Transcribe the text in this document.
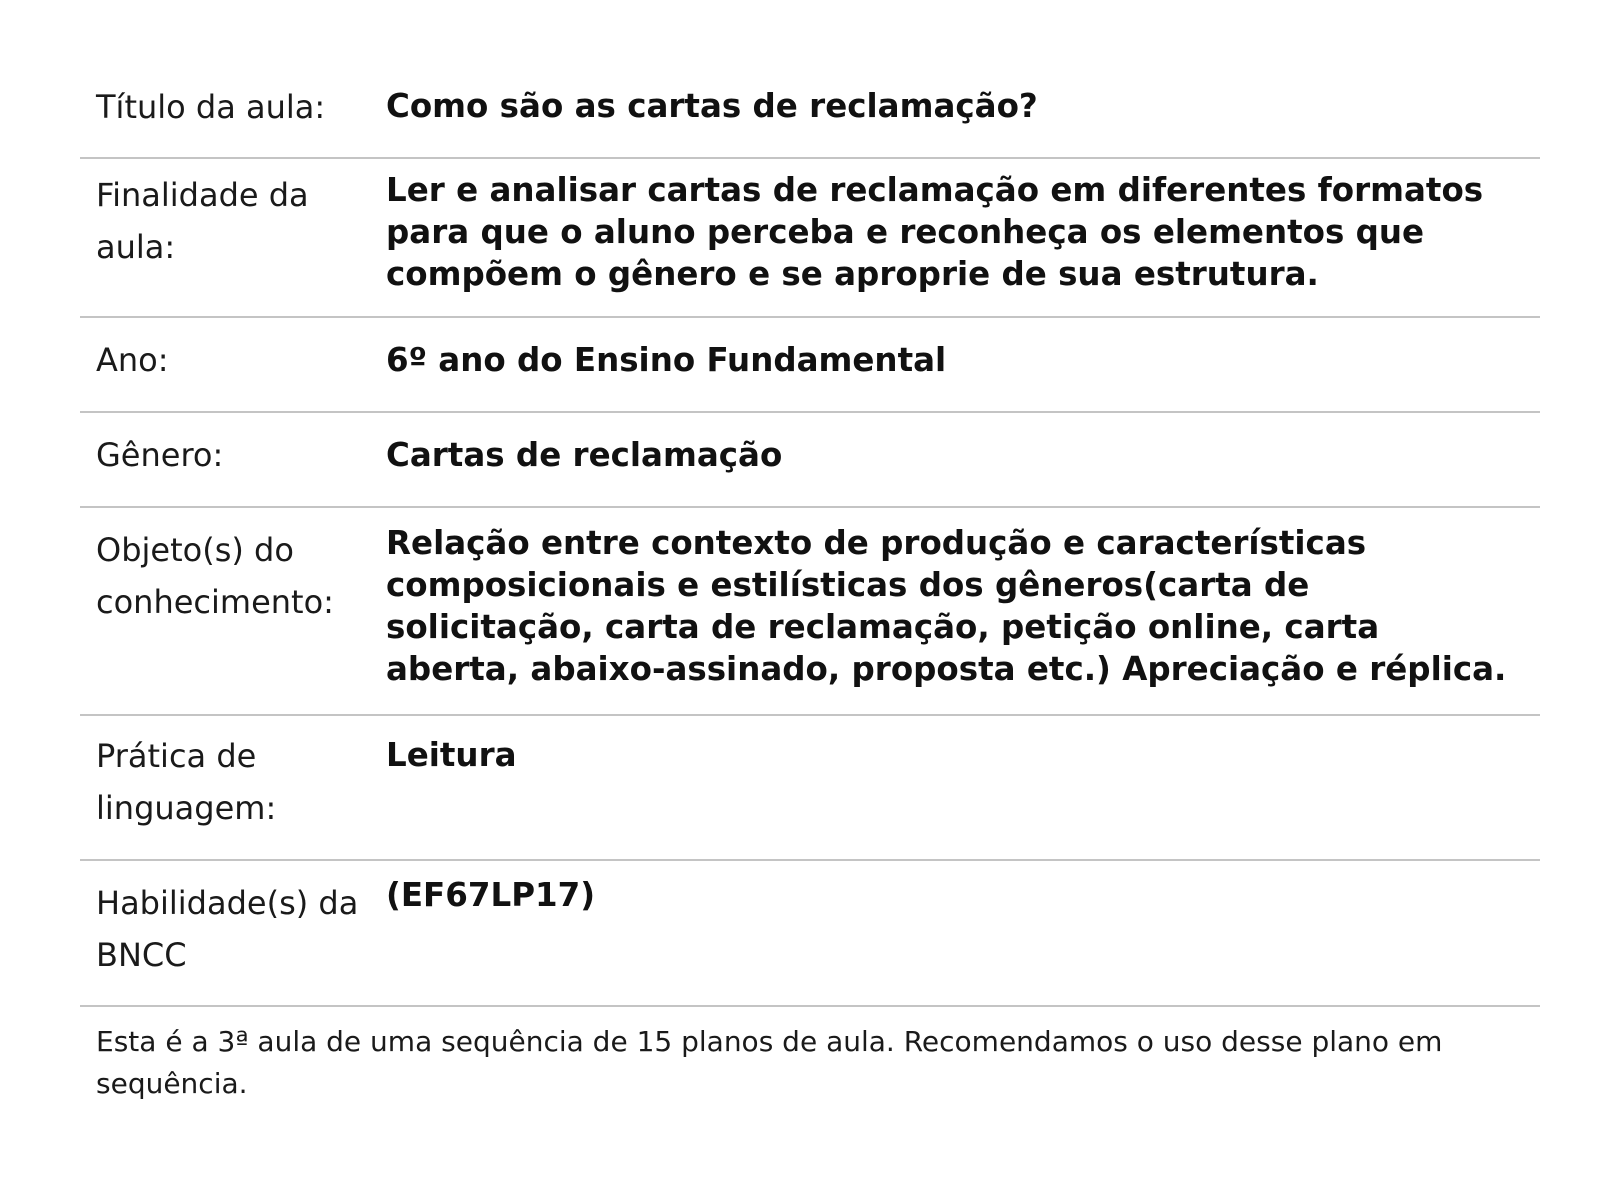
Título da aula:	Como são as cartas de reclamação?
Finalidade da aula:
Ler e analisar cartas de reclamação em diferentes formatos para que o aluno perceba e reconheça os elementos que compõem o gênero e se aproprie de sua estrutura.
Ano:	6º ano do Ensino Fundamental
Gênero:	Cartas de reclamação
Objeto(s) do conhecimento:
Relação entre contexto de produção e características composicionais e estilísticas dos gêneros(carta de solicitação, carta de reclamação, petição online, carta aberta, abaixo-assinado, proposta etc.) Apreciação e réplica.
Prática de linguagem:
Leitura
Habilidade(s) da BNCC
(EF67LP17)
Esta é a 3ª aula de uma sequência de 15 planos de aula. Recomendamos o uso desse plano em sequência.
